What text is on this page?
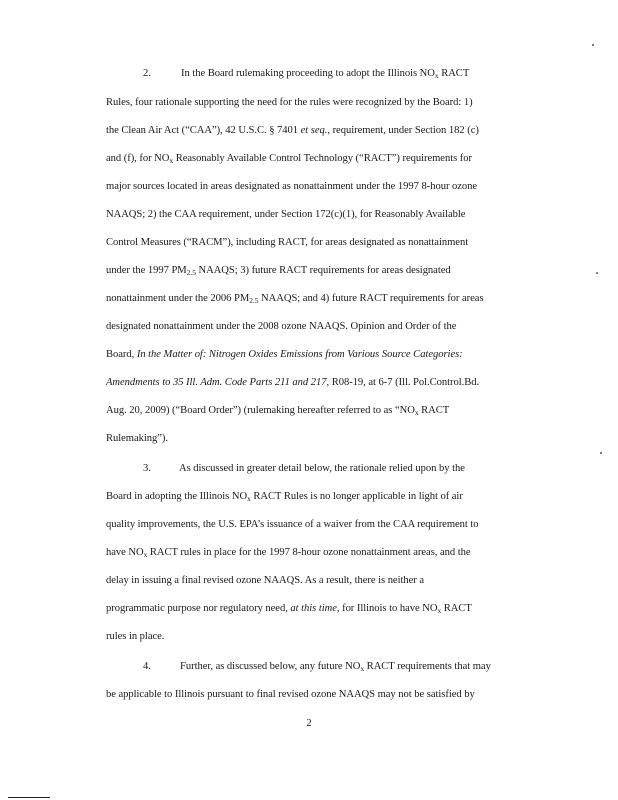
2.	In the Board rulemaking proceeding to adopt the Illinois $NO_x$ RACT
Rules, four rationale supporting the need for the rules were recognized by the Board: 1)
the Clean Air Act (“CAA”), 42 U.S.C. § 7401 et seq., requirement, under Section 182 (c)
and (f), for $NO_x$ Reasonably Available Control Technology (“RACT”) requirements for
major sources located in areas designated as nonattainment under the 1997 8-hour ozone
NAAQS; 2) the CAA requirement, under Section 172(c)(1), for Reasonably Available
Control Measures (“RACM”), including RACT, for areas designated as nonattainment
under the 1997 $PM_{2.5}$ NAAQS; 3) future RACT requirements for areas designated
nonattainment under the 2006 $PM_{2.5}$ NAAQS; and 4) future RACT requirements for areas
designated nonattainment under the 2008 ozone NAAQS. Opinion and Order of the
Board, In the Matter of: Nitrogen Oxides Emissions from Various Source Categories:
Amendments to 35 Ill. Adm. Code Parts 211 and 217, R08-19, at 6-7 (Ill. Pol.Control.Bd.
Aug. 20, 2009) (“Board Order”) (rulemaking hereafter referred to as “$NO_x$ RACT
Rulemaking”).
3.	As discussed in greater detail below, the rationale relied upon by the
Board in adopting the Illinois $NO_x$ RACT Rules is no longer applicable in light of air
quality improvements, the U.S. EPA’s issuance of a waiver from the CAA requirement to
have $NO_x$ RACT rules in place for the 1997 8-hour ozone nonattainment areas, and the
delay in issuing a final revised ozone NAAQS. As a result, there is neither a
programmatic purpose nor regulatory need, at this time, for Illinois to have $NO_x$ RACT
rules in place.
4.	Further, as discussed below, any future $NO_x$ RACT requirements that may
be applicable to Illinois pursuant to final revised ozone NAAQS may not be satisfied by
2
